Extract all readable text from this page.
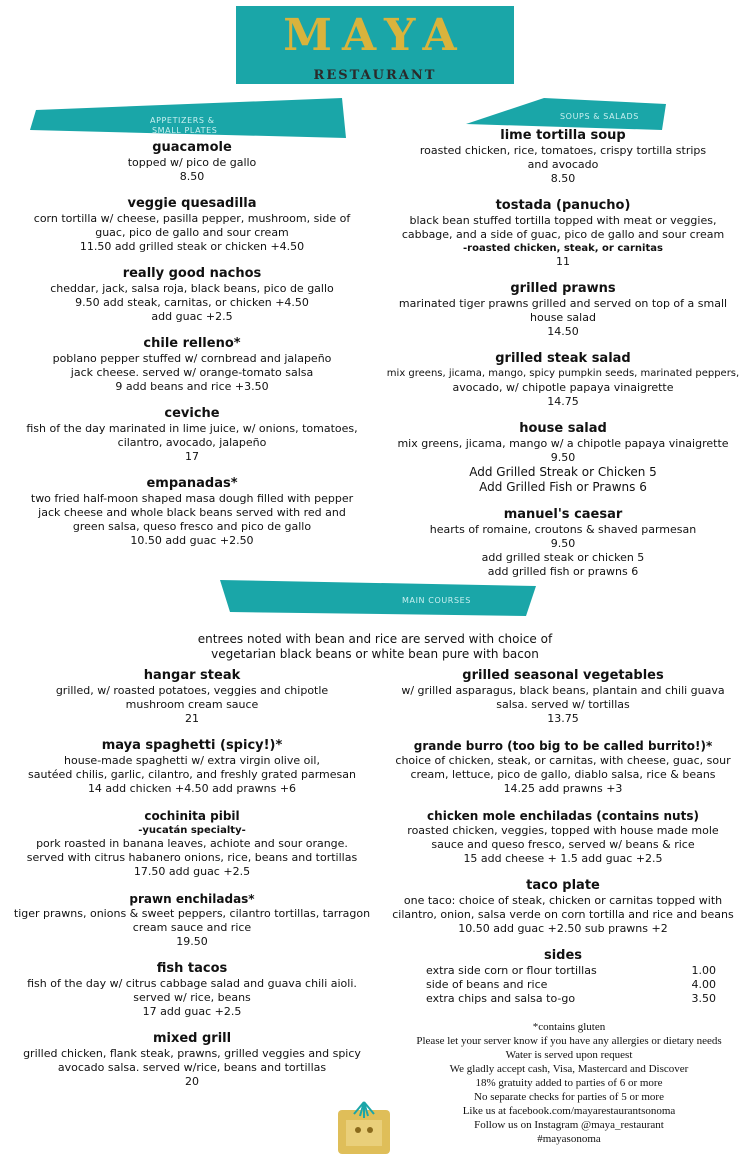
MAYA
RESTAURANT
APPETIZERS &
SMALL PLATES
SOUPS & SALADS
guacamole
topped w/ pico de gallo
8.50
veggie quesadilla
corn tortilla w/ cheese, pasilla pepper, mushroom, side of
guac, pico de gallo and sour cream
11.50 add grilled steak or chicken +4.50
really good nachos
cheddar, jack, salsa roja, black beans, pico de gallo
9.50 add steak, carnitas, or chicken +4.50
add guac +2.5
chile relleno*
poblano pepper stuffed w/ cornbread and jalapeño
jack cheese. served w/ orange-tomato salsa
9 add beans and rice +3.50
ceviche
fish of the day marinated in lime juice, w/ onions, tomatoes,
cilantro, avocado, jalapeño
17
empanadas*
two fried half-moon shaped masa dough filled with pepper
jack cheese and whole black beans served with red and
green salsa, queso fresco and pico de gallo
10.50 add guac +2.50
lime tortilla soup
roasted chicken, rice, tomatoes, crispy tortilla strips
and avocado
8.50
tostada (panucho)
black bean stuffed tortilla topped with meat or veggies,
cabbage, and a side of guac, pico de gallo and sour cream
-roasted chicken, steak, or carnitas
11
grilled prawns
marinated tiger prawns grilled and served on top of a small
house salad
14.50
grilled steak salad
mix greens, jicama, mango, spicy pumpkin seeds, marinated peppers,
avocado, w/ chipotle papaya vinaigrette
14.75
house salad
mix greens, jicama, mango w/ a chipotle papaya vinaigrette
9.50
Add Grilled Streak or Chicken 5
Add Grilled Fish or Prawns 6
manuel's caesar
hearts of romaine, croutons & shaved parmesan
9.50
add grilled steak or chicken 5
add grilled fish or prawns 6
MAIN COURSES
entrees noted with bean and rice are served with choice of
vegetarian black beans or white bean pure with bacon
hangar steak
grilled, w/ roasted potatoes, veggies and chipotle
mushroom cream sauce
21
maya spaghetti (spicy!)*
house-made spaghetti w/ extra virgin olive oil,
sautéed chilis, garlic, cilantro, and freshly grated parmesan
14 add chicken +4.50 add prawns +6
cochinita pibil
-yucatán specialty-
pork roasted in banana leaves, achiote and sour orange.
served with citrus habanero onions, rice, beans and tortillas
17.50 add guac +2.5
prawn enchiladas*
tiger prawns, onions & sweet peppers, cilantro tortillas, tarragon
cream sauce and rice
19.50
fish tacos
fish of the day w/ citrus cabbage salad and guava chili aioli.
served w/ rice, beans
17 add guac +2.5
mixed grill
grilled chicken, flank steak, prawns, grilled veggies and spicy
avocado salsa. served w/rice, beans and tortillas
20
grilled seasonal vegetables
w/ grilled asparagus, black beans, plantain and chili guava
salsa. served w/ tortillas
13.75
grande burro (too big to be called burrito!)*
choice of chicken, steak, or carnitas, with cheese, guac, sour
cream, lettuce, pico de gallo, diablo salsa, rice & beans
14.25 add prawns +3
chicken mole enchiladas (contains nuts)
roasted chicken, veggies, topped with house made mole
sauce and queso fresco, served w/ beans & rice
15 add cheese + 1.5 add guac +2.5
taco plate
one taco: choice of steak, chicken or carnitas topped with
cilantro, onion, salsa verde on corn tortilla and rice and beans
10.50 add guac +2.50 sub prawns +2
sides
extra side corn or flour tortillas	1.00
side of beans and rice	4.00
extra chips and salsa to-go	3.50
*contains gluten
Please let your server know if you have any allergies or dietary needs
Water is served upon request
We gladly accept cash, Visa, Mastercard and Discover
18% gratuity added to parties of 6 or more
No separate checks for parties of 5 or more
Like us at facebook.com/mayarestaurantsonoma
Follow us on Instagram @maya_restaurant
#mayasonoma
